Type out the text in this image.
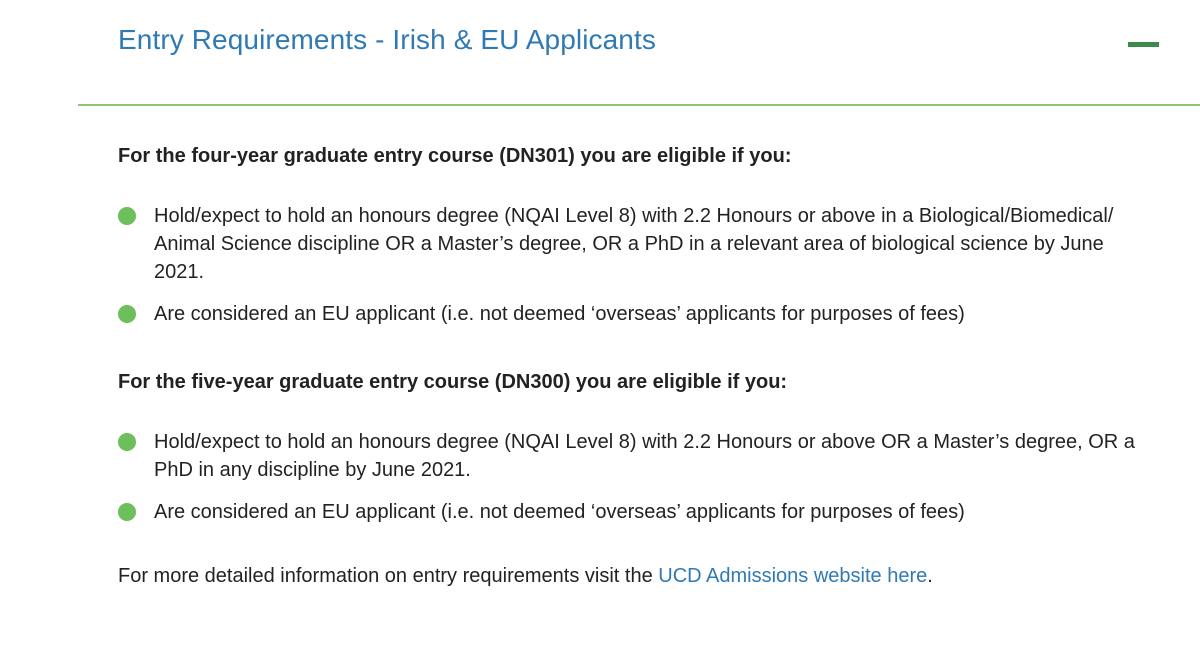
Entry Requirements - Irish & EU Applicants

For the four-year graduate entry course (DN301) you are eligible if you:

Hold/expect to hold an honours degree (NQAI Level 8) with 2.2 Honours or above in a Biological/Biomedical/ Animal Science discipline OR a Master’s degree, OR a PhD in a relevant area of biological science by June 2021.
Are considered an EU applicant (i.e. not deemed ‘overseas’ applicants for purposes of fees)

For the five-year graduate entry course (DN300) you are eligible if you:

Hold/expect to hold an honours degree (NQAI Level 8) with 2.2 Honours or above OR a Master’s degree, OR a PhD in any discipline by June 2021.
Are considered an EU applicant (i.e. not deemed ‘overseas’ applicants for purposes of fees)

For more detailed information on entry requirements visit the UCD Admissions website here.
